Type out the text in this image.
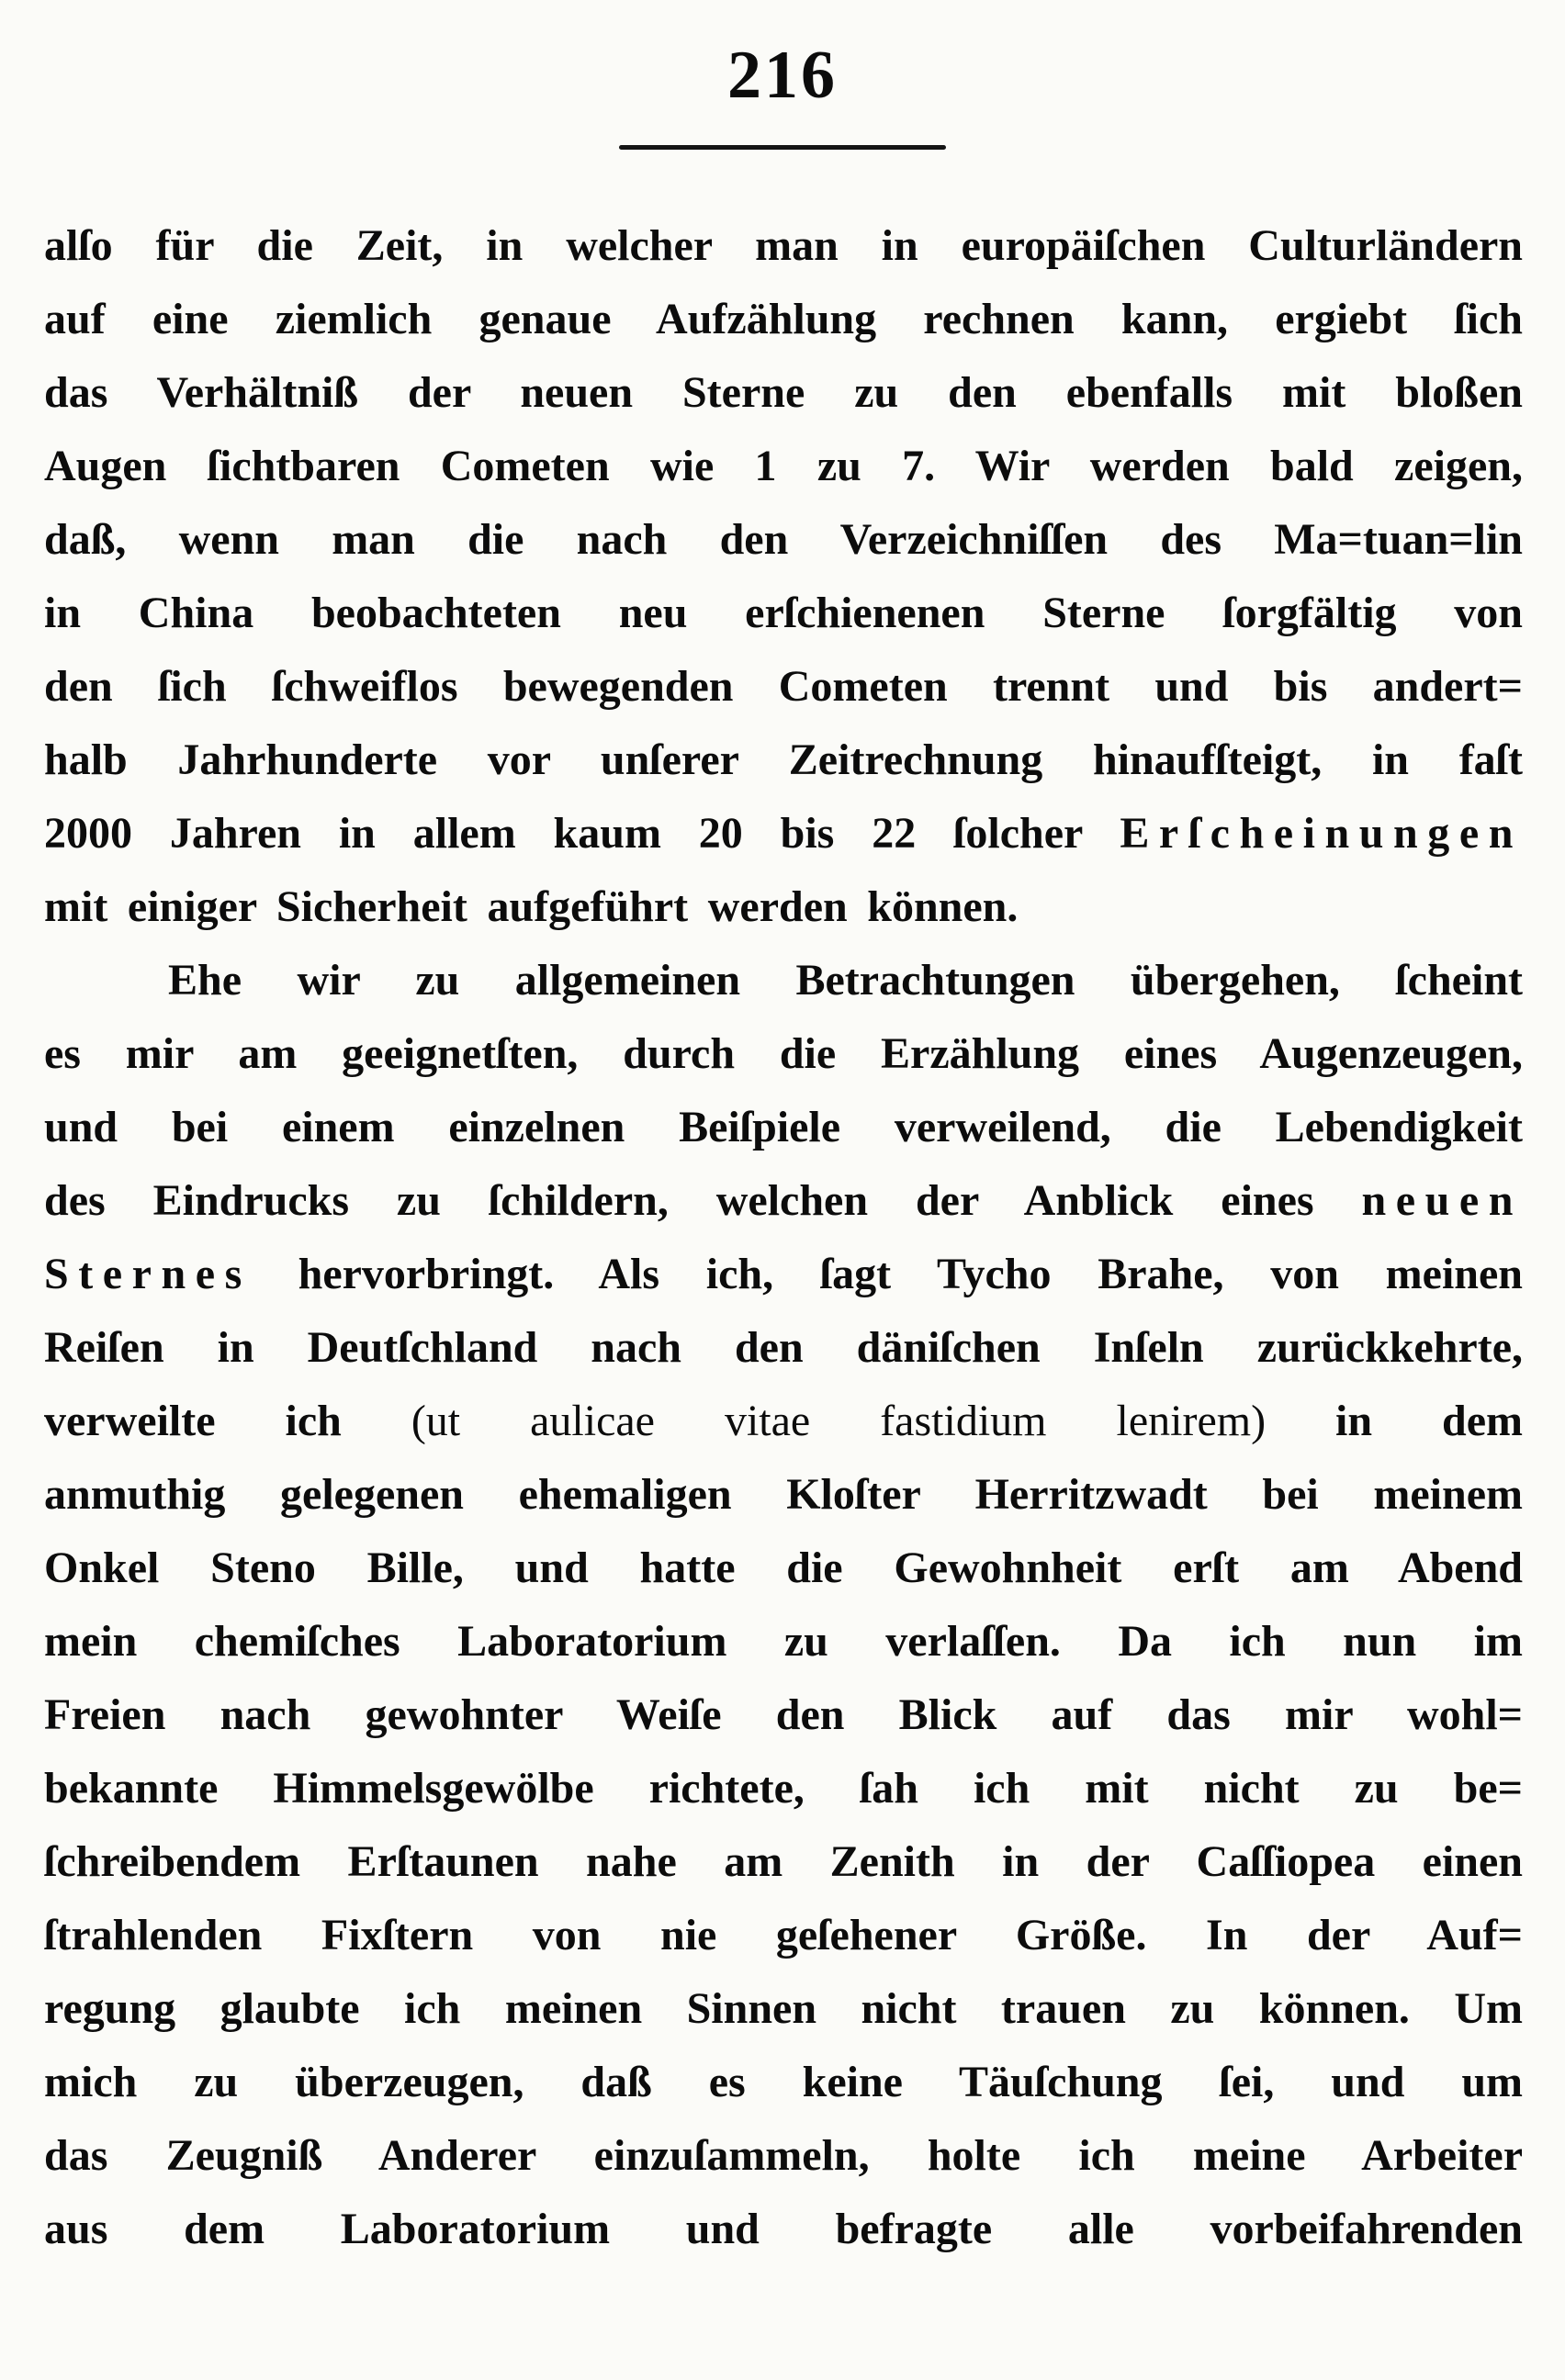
216
alſo für die Zeit, in welcher man in europäiſchen Culturländern
auf eine ziemlich genaue Aufzählung rechnen kann, ergiebt ſich
das Verhältniß der neuen Sterne zu den ebenfalls mit bloßen
Augen ſichtbaren Cometen wie 1 zu 7. Wir werden bald zeigen,
daß, wenn man die nach den Verzeichniſſen des Ma=tuan=lin
in China beobachteten neu erſchienenen Sterne ſorgfältig von
den ſich ſchweiflos bewegenden Cometen trennt und bis andert=
halb Jahrhunderte vor unſerer Zeitrechnung hinaufſteigt, in faſt
2000 Jahren in allem kaum 20 bis 22 ſolcher Erſcheinungen
mit einiger Sicherheit aufgeführt werden können.
Ehe wir zu allgemeinen Betrachtungen übergehen, ſcheint
es mir am geeignetſten, durch die Erzählung eines Augenzeugen,
und bei einem einzelnen Beiſpiele verweilend, die Lebendigkeit
des Eindrucks zu ſchildern, welchen der Anblick eines neuen
Sternes hervorbringt. Als ich, ſagt Tycho Brahe, von meinen
Reiſen in Deutſchland nach den däniſchen Inſeln zurückkehrte,
verweilte ich (ut aulicae vitae fastidium lenirem) in dem
anmuthig gelegenen ehemaligen Kloſter Herritzwadt bei meinem
Onkel Steno Bille, und hatte die Gewohnheit erſt am Abend
mein chemiſches Laboratorium zu verlaſſen. Da ich nun im
Freien nach gewohnter Weiſe den Blick auf das mir wohl=
bekannte Himmelsgewölbe richtete, ſah ich mit nicht zu be=
ſchreibendem Erſtaunen nahe am Zenith in der Caſſiopea einen
ſtrahlenden Fixſtern von nie geſehener Größe. In der Auf=
regung glaubte ich meinen Sinnen nicht trauen zu können. Um
mich zu überzeugen, daß es keine Täuſchung ſei, und um
das Zeugniß Anderer einzuſammeln, holte ich meine Arbeiter
aus dem Laboratorium und befragte alle vorbeifahrenden
